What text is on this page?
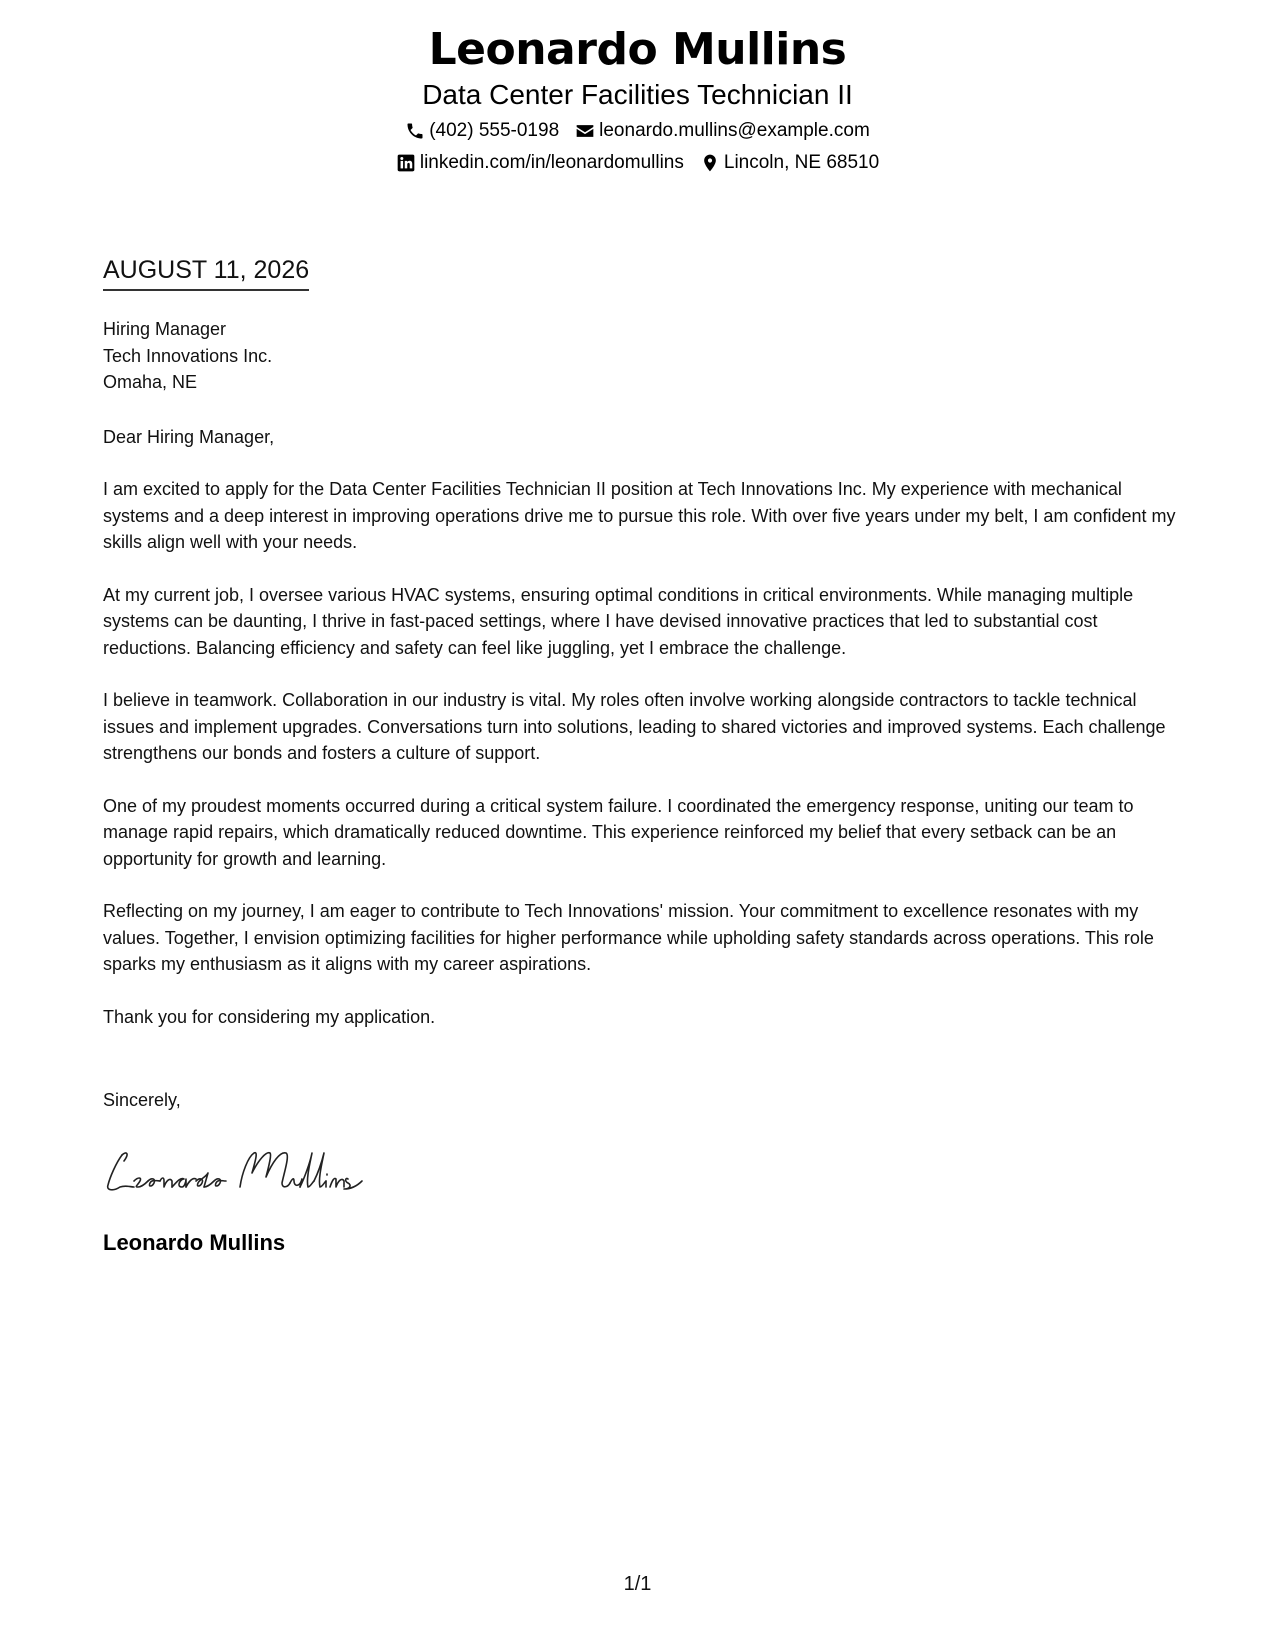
Leonardo Mullins
Data Center Facilities Technician II
(402) 555-0198 leonardo.mullins@example.com
linkedin.com/in/leonardomullins Lincoln, NE 68510
AUGUST 11, 2026
Hiring Manager
Tech Innovations Inc.
Omaha, NE

Dear Hiring Manager,

I am excited to apply for the Data Center Facilities Technician II position at Tech Innovations Inc. My experience with mechanical systems and a deep interest in improving operations drive me to pursue this role. With over five years under my belt, I am confident my skills align well with your needs.

At my current job, I oversee various HVAC systems, ensuring optimal conditions in critical environments. While managing multiple systems can be daunting, I thrive in fast-paced settings, where I have devised innovative practices that led to substantial cost reductions. Balancing efficiency and safety can feel like juggling, yet I embrace the challenge.

I believe in teamwork. Collaboration in our industry is vital. My roles often involve working alongside contractors to tackle technical issues and implement upgrades. Conversations turn into solutions, leading to shared victories and improved systems. Each challenge strengthens our bonds and fosters a culture of support.

One of my proudest moments occurred during a critical system failure. I coordinated the emergency response, uniting our team to manage rapid repairs, which dramatically reduced downtime. This experience reinforced my belief that every setback can be an opportunity for growth and learning.

Reflecting on my journey, I am eager to contribute to Tech Innovations' mission. Your commitment to excellence resonates with my values. Together, I envision optimizing facilities for higher performance while upholding safety standards across operations. This role sparks my enthusiasm as it aligns with my career aspirations.

Thank you for considering my application.

Sincerely,
Leonardo Mullins
1/1
